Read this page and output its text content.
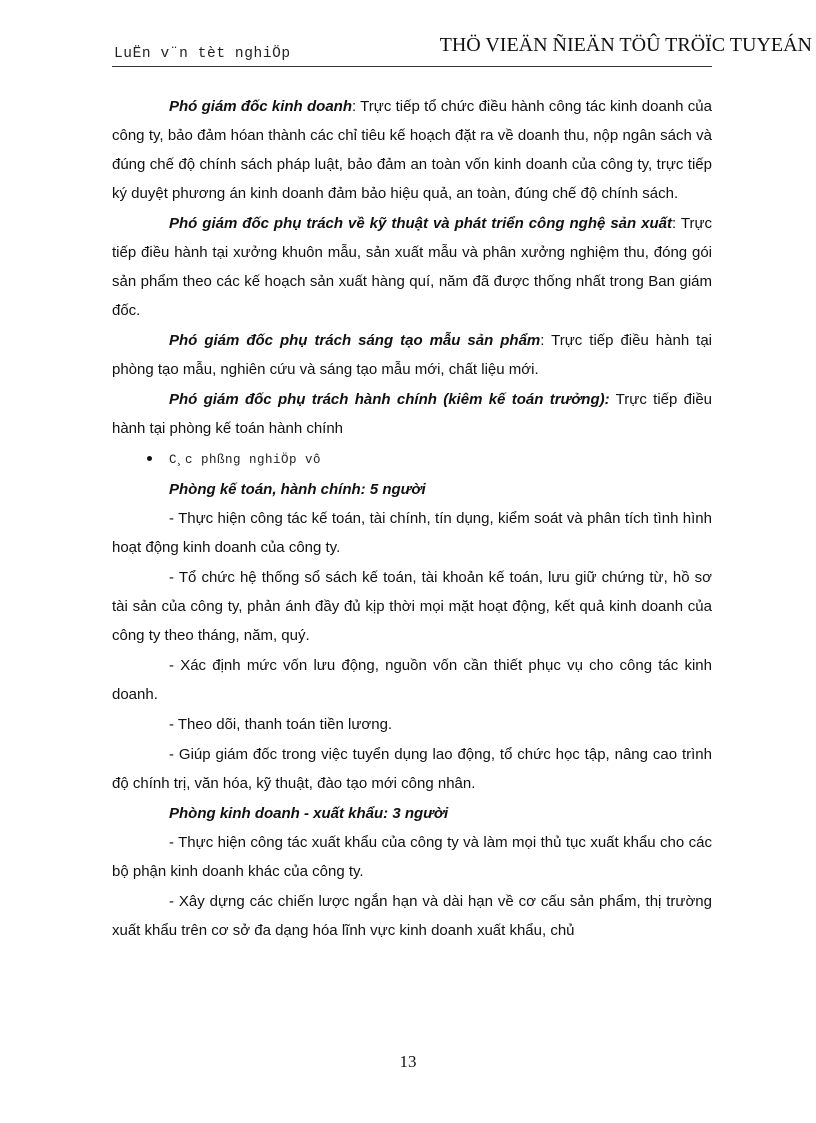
LuËn v¨n tèt nghiÖp	THÖ VIEÄN ÑIEÄN TÖÛ TRÖÏC TUYEÁN

Phó giám đốc kinh doanh: Trực tiếp tổ chức điều hành công tác kinh doanh của công ty, bảo đảm hóan thành các chỉ tiêu kế hoạch đặt ra về doanh thu, nộp ngân sách và đúng chế độ chính sách pháp luật, bảo đảm an toàn vốn kinh doanh của công ty, trực tiếp ký duyệt phương án kinh doanh đảm bảo hiệu quả, an toàn, đúng chế độ chính sách.

Phó giám đốc phụ trách về kỹ thuật và phát triển công nghệ sản xuất: Trực tiếp điều hành tại xưởng khuôn mẫu, sản xuất mẫu và phân xưởng nghiệm thu, đóng gói sản phẩm theo các kế hoạch sản xuất hàng quí, năm đã được thống nhất trong Ban giám đốc.

Phó giám đốc phụ trách sáng tạo mẫu sản phẩm: Trực tiếp điều hành tại phòng tạo mẫu, nghiên cứu và sáng tạo mẫu mới, chất liệu mới.

Phó giám đốc phụ trách hành chính (kiêm kế toán trưởng): Trực tiếp điều hành tại phòng kế toán hành chính

C¸c phßng nghiÖp vô
Phòng kế toán, hành chính: 5 người

- Thực hiện công tác kế toán, tài chính, tín dụng, kiểm soát và phân tích tình hình hoạt động kinh doanh của công ty.

- Tổ chức hệ thống sổ sách kế toán, tài khoản kế toán, lưu giữ chứng từ, hồ sơ tài sản của công ty, phản ánh đầy đủ kịp thời mọi mặt hoạt động, kết quả kinh doanh của công ty theo tháng, năm, quý.

- Xác định mức vốn lưu động, nguồn vốn cần thiết phục vụ cho công tác kinh doanh.

- Theo dõi, thanh toán tiền lương.

- Giúp giám đốc trong việc tuyển dụng lao động, tổ chức học tập, nâng cao trình độ chính trị, văn hóa, kỹ thuật, đào tạo mới công nhân.

Phòng kinh doanh - xuất khẩu: 3 người

- Thực hiện công tác xuất khẩu của công ty và làm mọi thủ tục xuất khẩu cho các bộ phận kinh doanh khác của công ty.

- Xây dựng các chiến lược ngắn hạn và dài hạn về cơ cấu sản phẩm, thị trường xuất khẩu trên cơ sở đa dạng hóa lĩnh vực kinh doanh xuất khẩu, chủ

13
